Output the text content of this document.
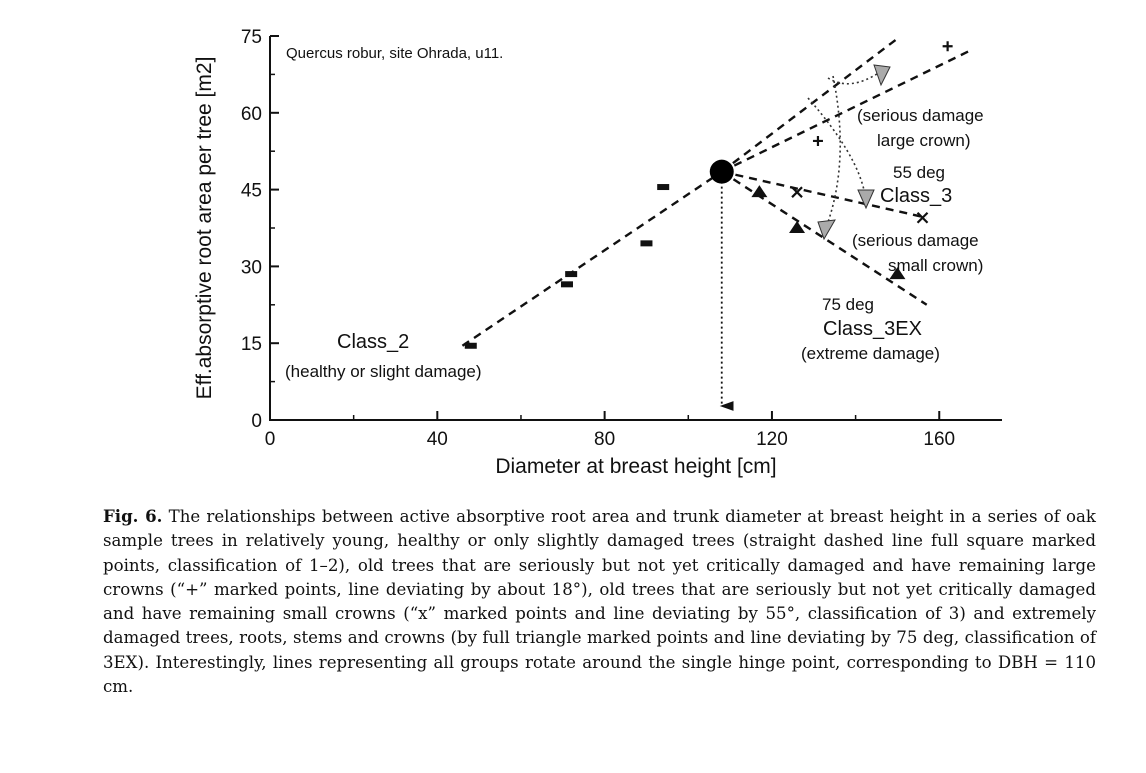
0	40	80	120	160
0
15
30
45
60
75
Quercus robur, site Ohrada, u11.
Diameter at breast height [cm]
Eff.absorptive root area per tree [m2]	Class_2
(healthy or slight damage)
(serious damage
large crown)
55 deg
Class_3
(serious damage
small crown)
75 deg
Class_3EX
(extreme damage)

Fig. 6. The relationships between active absorptive root area and trunk diameter at breast height in a series of oak sample trees in relatively young, healthy or only slightly damaged trees (straight dashed line full square marked points, classification of 1–2), old trees that are seriously but not yet critically damaged and have remaining large crowns (“+” marked points, line deviating by about 18°), old trees that are seriously but not yet critically damaged and have remaining small crowns (“x” marked points and line deviating by 55°, classification of 3) and extremely damaged trees, roots, stems and crowns (by full triangle marked points and line deviating by 75 deg, classification of 3EX). Interestingly, lines representing all groups rotate around the single hinge point, corresponding to DBH = 110 cm.
